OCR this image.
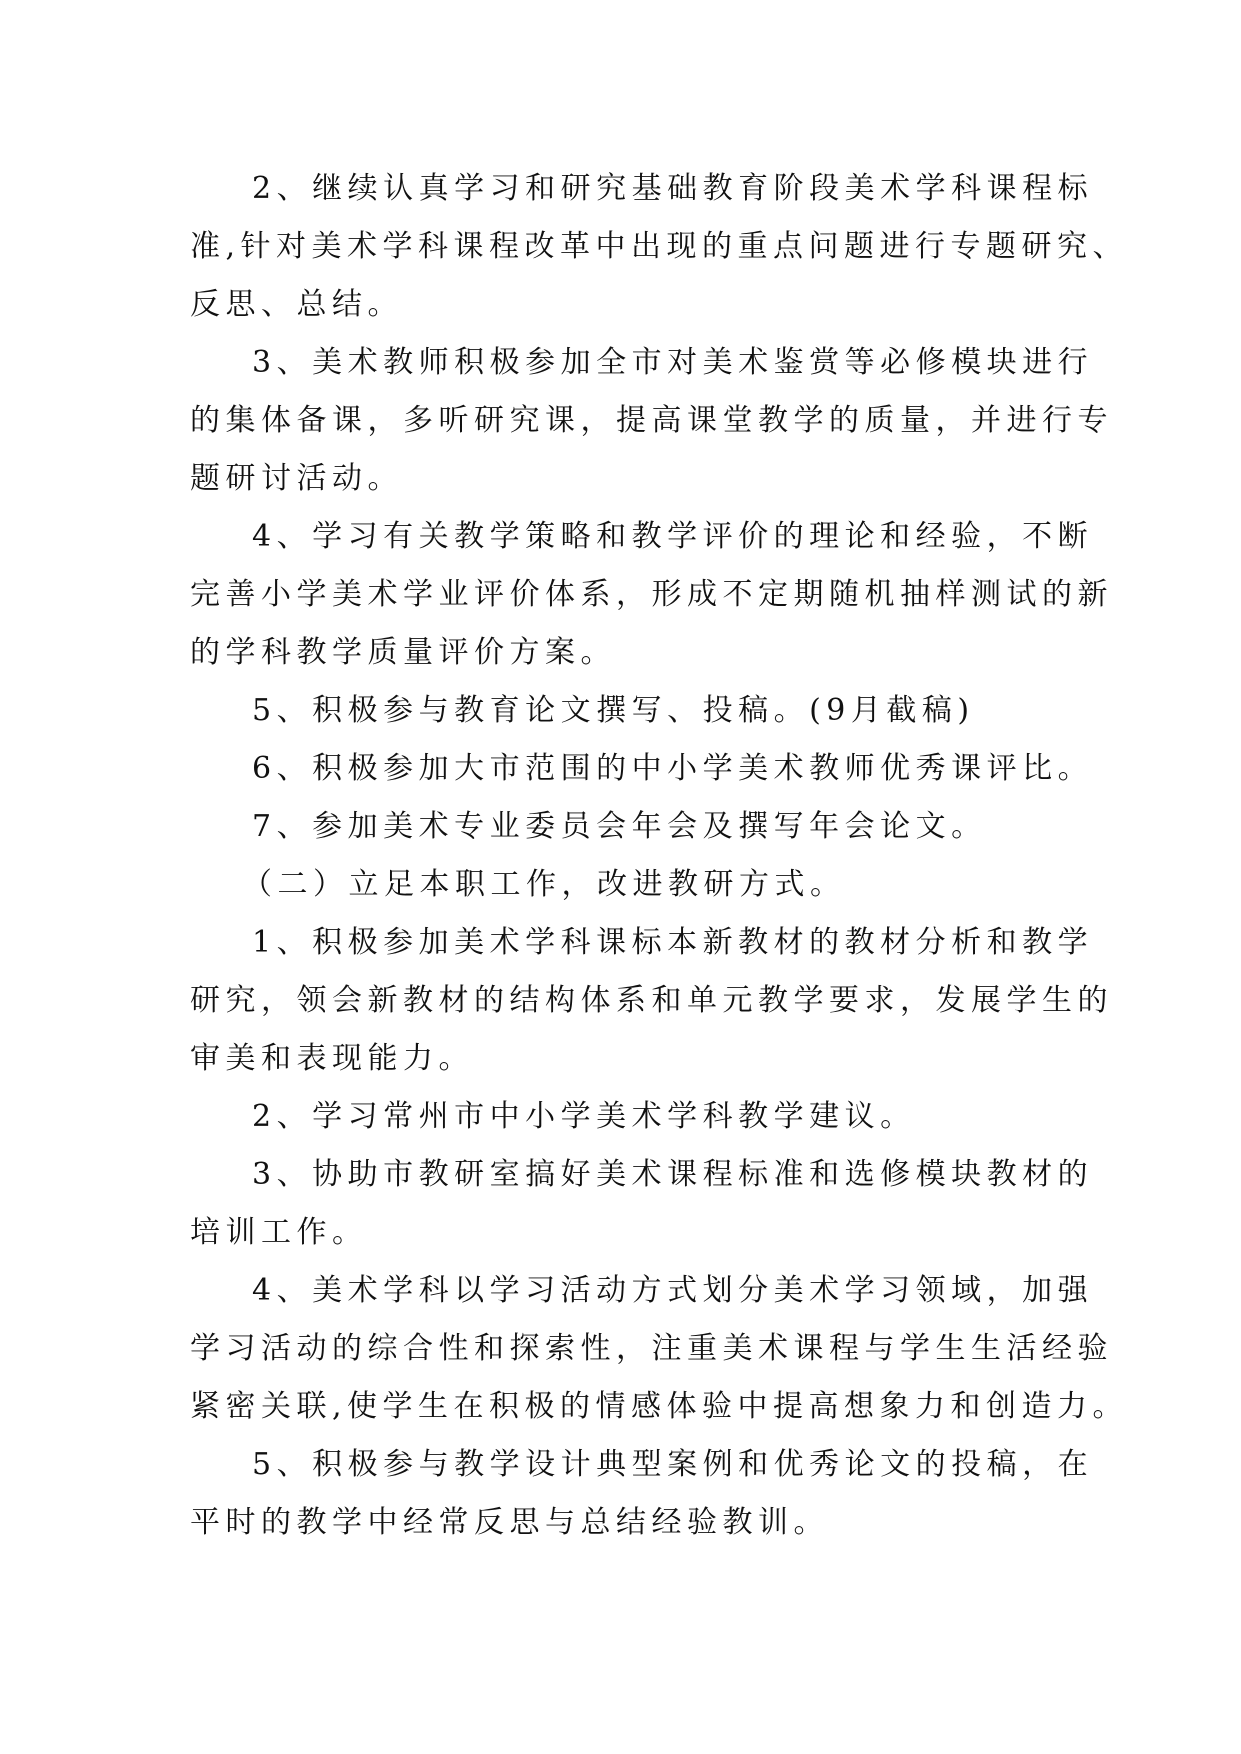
2、继续认真学习和研究基础教育阶段美术学科课程标
准,针对美术学科课程改革中出现的重点问题进行专题研究、
反思、总结。
3、美术教师积极参加全市对美术鉴赏等必修模块进行
的集体备课，多听研究课，提高课堂教学的质量，并进行专
题研讨活动。
4、学习有关教学策略和教学评价的理论和经验，不断
完善小学美术学业评价体系，形成不定期随机抽样测试的新
的学科教学质量评价方案。
5、积极参与教育论文撰写、投稿。(9月截稿)
6、积极参加大市范围的中小学美术教师优秀课评比。
7、参加美术专业委员会年会及撰写年会论文。
（二）立足本职工作，改进教研方式。
1、积极参加美术学科课标本新教材的教材分析和教学
研究，领会新教材的结构体系和单元教学要求，发展学生的
审美和表现能力。
2、学习常州市中小学美术学科教学建议。
3、协助市教研室搞好美术课程标准和选修模块教材的
培训工作。
4、美术学科以学习活动方式划分美术学习领域，加强
学习活动的综合性和探索性，注重美术课程与学生生活经验
紧密关联,使学生在积极的情感体验中提高想象力和创造力。
5、积极参与教学设计典型案例和优秀论文的投稿，在
平时的教学中经常反思与总结经验教训。
